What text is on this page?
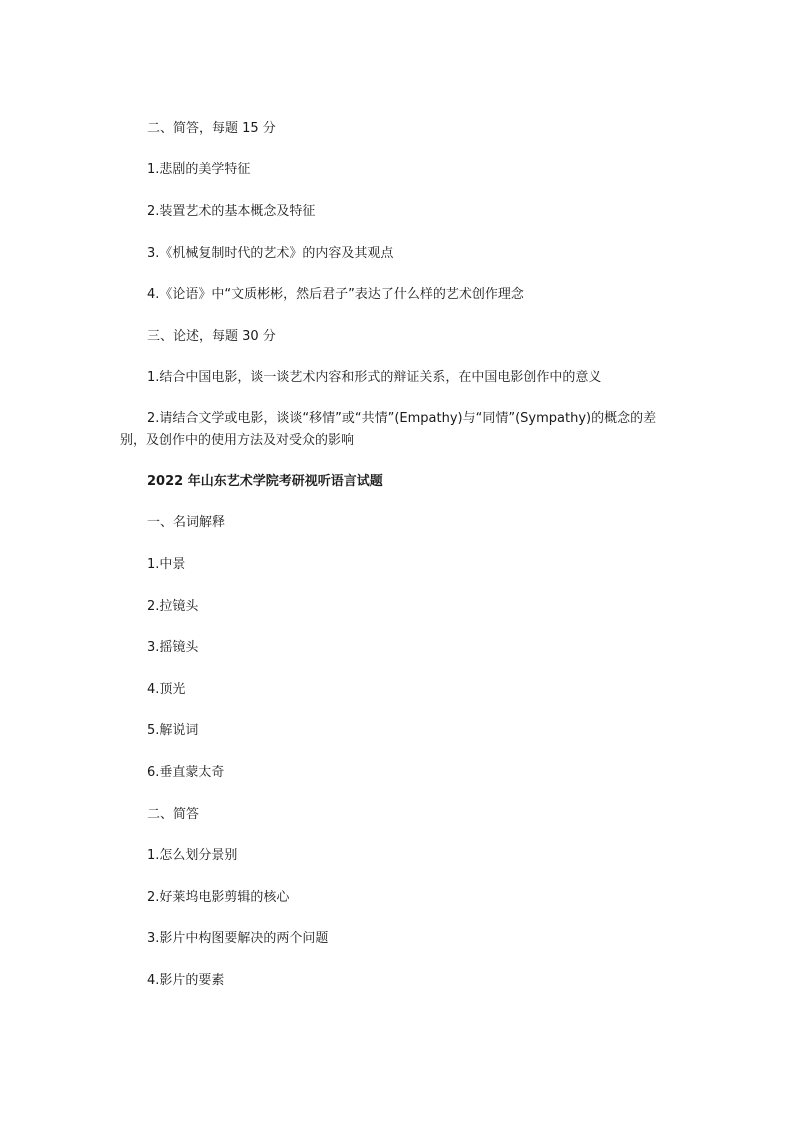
二、简答，每题 15 分

1.悲剧的美学特征

2.装置艺术的基本概念及特征

3.《机械复制时代的艺术》的内容及其观点

4.《论语》中“文质彬彬，然后君子”表达了什么样的艺术创作理念

三、论述，每题 30 分

1.结合中国电影，谈一谈艺术内容和形式的辩证关系，在中国电影创作中的意义

2.请结合文学或电影，谈谈“移情”或“共情”(Empathy)与“同情”(Sympathy)的概念的差别，及创作中的使用方法及对受众的影响

2022 年山东艺术学院考研视听语言试题

一、名词解释

1.中景

2.拉镜头

3.摇镜头

4.顶光

5.解说词

6.垂直蒙太奇

二、简答

1.怎么划分景别

2.好莱坞电影剪辑的核心

3.影片中构图要解决的两个问题

4.影片的要素
